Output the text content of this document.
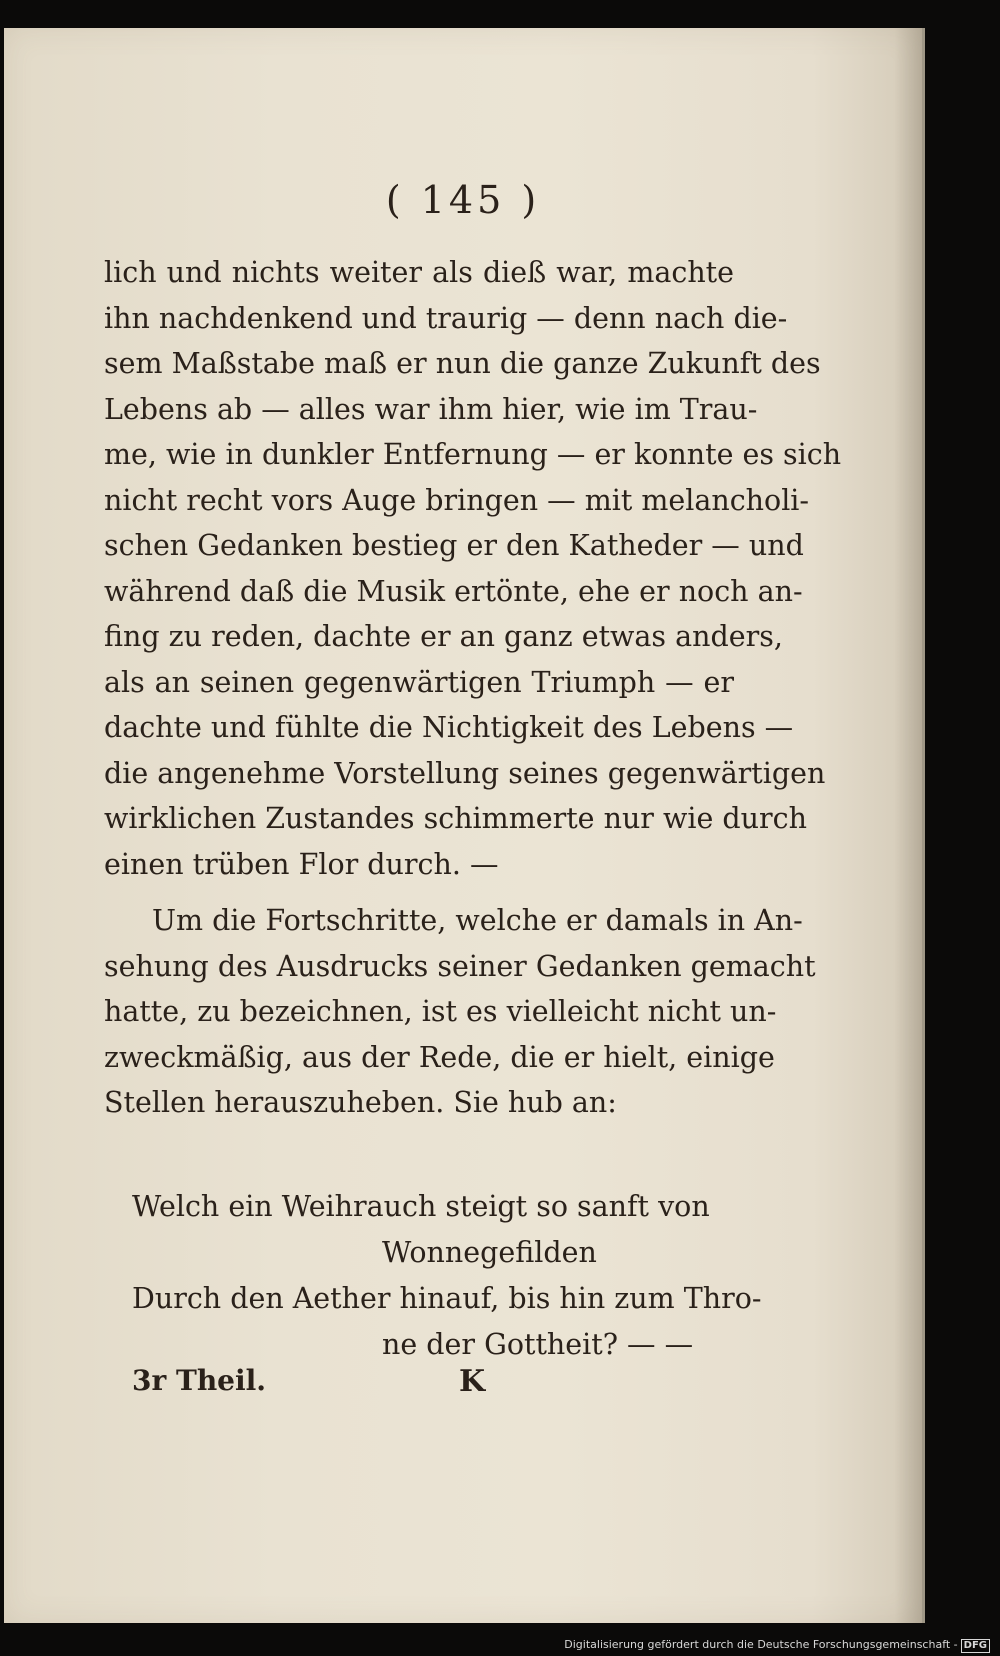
( 145 )
lich und nichts weiter als dieß war, machte
ihn nachdenkend und traurig — denn nach die-
sem Maßstabe maß er nun die ganze Zukunft des
Lebens ab — alles war ihm hier, wie im Trau-
me, wie in dunkler Entfernung — er konnte es sich
nicht recht vors Auge bringen — mit melancholi-
schen Gedanken bestieg er den Katheder — und
während daß die Musik ertönte, ehe er noch an-
fing zu reden, dachte er an ganz etwas anders,
als an seinen gegenwärtigen Triumph — er
dachte und fühlte die Nichtigkeit des Lebens —
die angenehme Vorstellung seines gegenwärtigen
wirklichen Zustandes schimmerte nur wie durch
einen trüben Flor durch. —
Um die Fortschritte, welche er damals in An-
sehung des Ausdrucks seiner Gedanken gemacht
hatte, zu bezeichnen, ist es vielleicht nicht un-
zweckmäßig, aus der Rede, die er hielt, einige
Stellen herauszuheben. Sie hub an:
Welch ein Weihrauch steigt so sanft von
Wonnegefilden
Durch den Aether hinauf, bis hin zum Thro-
ne der Gottheit? — —
3r Theil.	K
Digitalisierung gefördert durch die Deutsche Forschungsgemeinschaft - DFG
